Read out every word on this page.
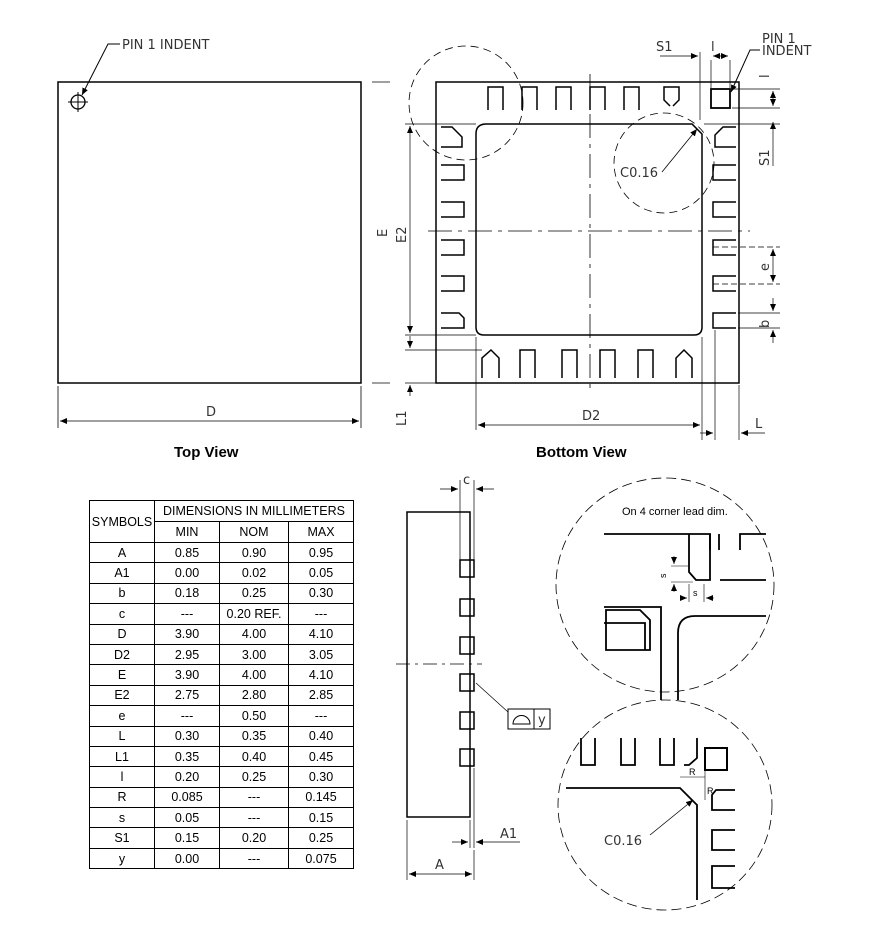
PIN 1 INDENT
D
C0.16
PIN 1
INDENT
S1	l
l
S1
e
b
E E2
L1	D2
L
c
y
A1
A
On 4 corner lead dim.
s
s
R
R
C0.16
Top View	Bottom View
SYMBOLS	DIMENSIONS IN MILLIMETERS		
	MIN	NOM	MAX
A	0.85	0.90	0.95
A1	0.00	0.02	0.05
b	0.18	0.25	0.30
c	---	0.20 REF.	---
D	3.90	4.00	4.10
D2	2.95	3.00	3.05
E	3.90	4.00	4.10
E2	2.75	2.80	2.85
e	---	0.50	---
L	0.30	0.35	0.40
L1	0.35	0.40	0.45
l	0.20	0.25	0.30
R	0.085	---	0.145
s	0.05	---	0.15
S1	0.15	0.20	0.25
y	0.00	---	0.075
